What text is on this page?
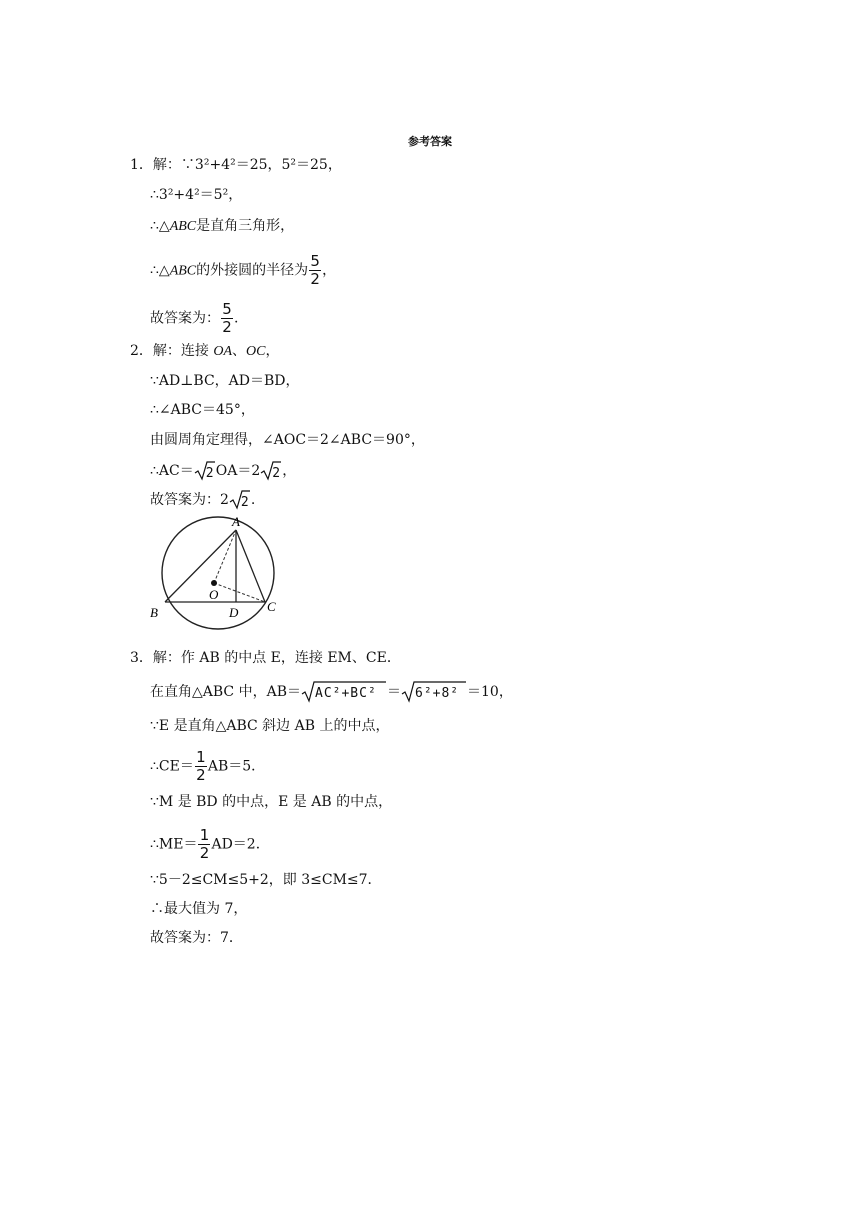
参考答案
1．解：∵3²+4²＝25，5²＝25，
∴3²+4²＝5²，
∴△ABC是直角三角形，
∴△ABC的外接圆的半径为 $\frac{5}{2}$ ，
故答案为： $\frac{5}{2}$ .
2．解：连接 OA、OC，
∵AD⊥BC，AD＝BD，
∴∠ABC＝45°，
由圆周角定理得，∠AOC＝2∠ABC＝90°，
∴AC＝ 2 OA＝2 2 ，
故答案为：2 2 .
A
B	C
D
O
3．解：作 AB 的中点 E，连接 EM、CE．
在直角△ABC 中，AB＝ AC²+BC² ＝ 6²+8² ＝10，
∵E 是直角△ABC 斜边 AB 上的中点，
∴CE＝ $\frac{1}{2} AB=5$．
∵M 是 BD 的中点，E 是 AB 的中点，
∴ME＝ $\frac{1}{2} AD=2$．
∵5－2≤CM≤5+2，即 3≤CM≤7．
∴最大值为 7，
故答案为：7．
